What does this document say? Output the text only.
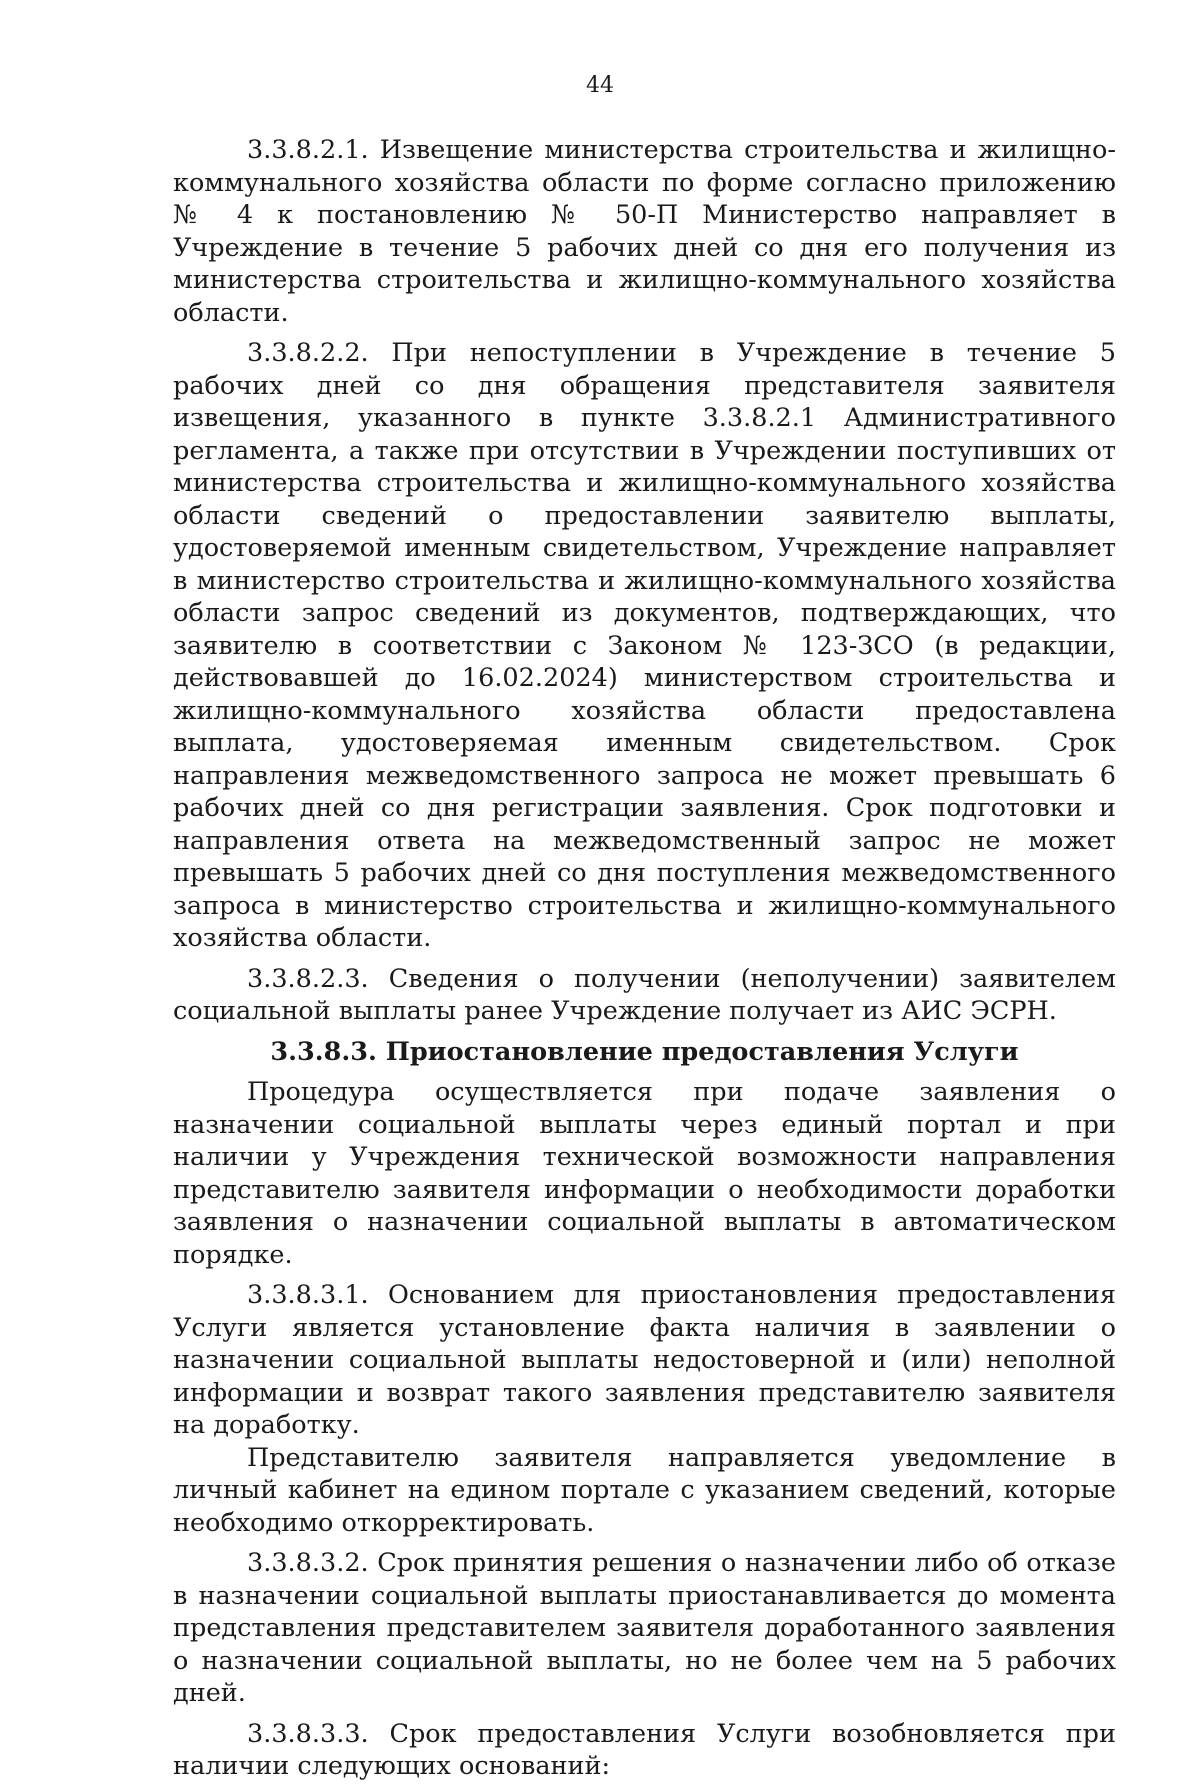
44

3.3.8.2.1. Извещение министерства строительства и жилищно-коммунального хозяйства области по форме согласно приложению № 4 к постановлению № 50-П Министерство направляет в Учреждение в течение 5 рабочих дней со дня его получения из министерства строительства и жилищно-коммунального хозяйства области.

3.3.8.2.2. При непоступлении в Учреждение в течение 5 рабочих дней со дня обращения представителя заявителя извещения, указанного в пункте 3.3.8.2.1 Административного регламента, а также при отсутствии в Учреждении поступивших от министерства строительства и жилищно-коммунального хозяйства области сведений о предоставлении заявителю выплаты, удостоверяемой именным свидетельством, Учреждение направляет в министерство строительства и жилищно-коммунального хозяйства области запрос сведений из документов, подтверждающих, что заявителю в соответствии с Законом № 123-ЗСО (в редакции, действовавшей до 16.02.2024) министерством строительства и жилищно-коммунального хозяйства области предоставлена выплата, удостоверяемая именным свидетельством. Срок направления межведомственного запроса не может превышать 6 рабочих дней со дня регистрации заявления. Срок подготовки и направления ответа на межведомственный запрос не может превышать 5 рабочих дней со дня поступления межведомственного запроса в министерство строительства и жилищно-коммунального хозяйства области.

3.3.8.2.3. Сведения о получении (неполучении) заявителем социальной выплаты ранее Учреждение получает из АИС ЭСРН.

3.3.8.3. Приостановление предоставления Услуги

Процедура осуществляется при подаче заявления о назначении социальной выплаты через единый портал и при наличии у Учреждения технической возможности направления представителю заявителя информации о необходимости доработки заявления о назначении социальной выплаты в автоматическом порядке.

3.3.8.3.1. Основанием для приостановления предоставления Услуги является установление факта наличия в заявлении о назначении социальной выплаты недостоверной и (или) неполной информации и возврат такого заявления представителю заявителя на доработку.

Представителю заявителя направляется уведомление в личный кабинет на едином портале с указанием сведений, которые необходимо откорректировать.

3.3.8.3.2. Срок принятия решения о назначении либо об отказе в назначении социальной выплаты приостанавливается до момента представления представителем заявителя доработанного заявления о назначении социальной выплаты, но не более чем на 5 рабочих дней.

3.3.8.3.3. Срок предоставления Услуги возобновляется при наличии следующих оснований:
